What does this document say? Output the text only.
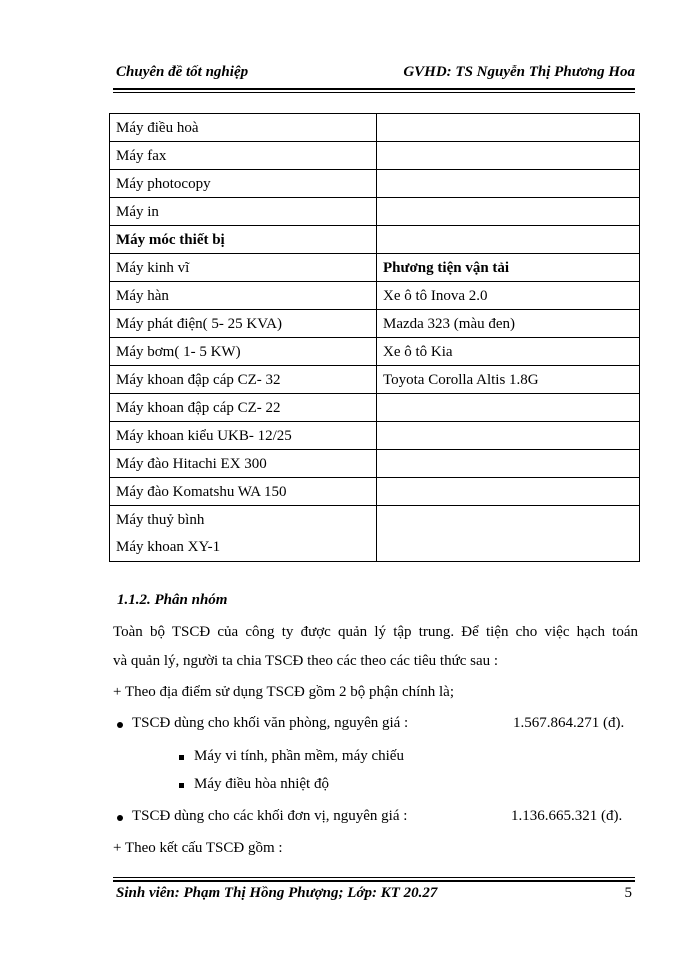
Chuyên đề tốt nghiệp	GVHD: TS Nguyễn Thị Phương Hoa
Máy điều hoà	
Máy fax	
Máy photocopy	
Máy in	
Máy móc thiết bị	
Máy kinh vĩ	Phương tiện vận tải
Máy hàn	Xe ô tô Inova 2.0
Máy phát điện( 5- 25 KVA)	Mazda 323 (màu đen)
Máy bơm( 1- 5 KW)	Xe ô tô Kia
Máy khoan đập cáp CZ- 32	Toyota Corolla Altis 1.8G
Máy khoan đập cáp CZ- 22	
Máy khoan kiểu UKB- 12/25	
Máy đào Hitachi EX 300	
Máy đào Komatshu WA 150	

Máy thuỷ bình
Máy khoan XY-1	

1.1.2. Phân nhóm
Toàn bộ TSCĐ của công ty được quản lý tập trung. Để tiện cho việc hạch toán
và quản lý, người ta chia TSCĐ theo các theo các tiêu thức sau :
+ Theo địa điểm sử dụng TSCĐ gồm 2 bộ phận chính là;
TSCĐ dùng cho khối văn phòng, nguyên giá :	1.567.864.271 (đ).
Máy vi tính, phần mềm, máy chiếu
Máy điều hòa nhiệt độ
TSCĐ dùng cho các khối đơn vị, nguyên giá :	1.136.665.321 (đ).
+ Theo kết cấu TSCĐ gồm :
Sinh viên: Phạm Thị Hồng Phượng; Lớp: KT 20.27	5
